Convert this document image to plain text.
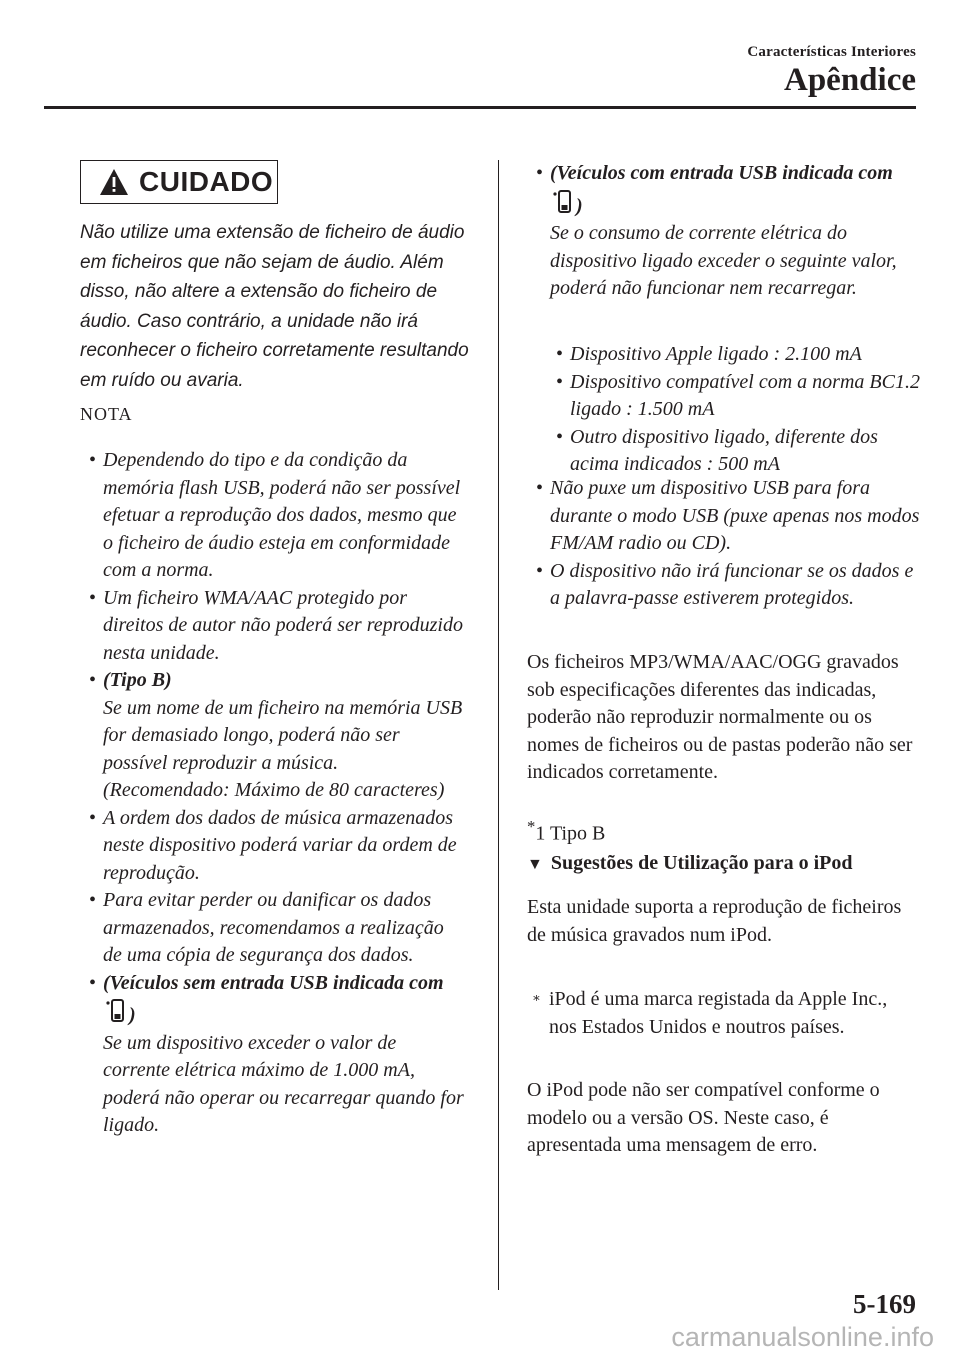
Características Interiores
Apêndice
CUIDADO
Não utilize uma extensão de ficheiro de áudio em ficheiros que não sejam de áudio. Além disso, não altere a extensão do ficheiro de áudio. Caso contrário, a unidade não irá reconhecer o ficheiro corretamente resultando em ruído ou avaria.
NOTA
• Dependendo do tipo e da condição da memória flash USB, poderá não ser possível efetuar a reprodução dos dados, mesmo que o ficheiro de áudio esteja em conformidade com a norma.
• Um ficheiro WMA/AAC protegido por direitos de autor não poderá ser reproduzido nesta unidade.
• (Tipo B)
Se um nome de um ficheiro na memória USB for demasiado longo, poderá não ser possível reproduzir a música. (Recomendado: Máximo de 80 caracteres)
• A ordem dos dados de música armazenados neste dispositivo poderá variar da ordem de reprodução.
• Para evitar perder ou danificar os dados armazenados, recomendamos a realização de uma cópia de segurança dos dados.
• (Veículos sem entrada USB indicada com )
Se um dispositivo exceder o valor de corrente elétrica máximo de 1.000 mA, poderá não operar ou recarregar quando for ligado.
• (Veículos com entrada USB indicada com )
Se o consumo de corrente elétrica do dispositivo ligado exceder o seguinte valor, poderá não funcionar nem recarregar.
• Dispositivo Apple ligado : 2.100 mA
• Dispositivo compatível com a norma BC1.2 ligado : 1.500 mA
• Outro dispositivo ligado, diferente dos acima indicados : 500 mA
• Não puxe um dispositivo USB para fora durante o modo USB (puxe apenas nos modos FM/AM radio ou CD).
• O dispositivo não irá funcionar se os dados e a palavra-passe estiverem protegidos.
Os ficheiros MP3/WMA/AAC/OGG gravados sob especificações diferentes das indicadas, poderão não reproduzir normalmente ou os nomes de ficheiros ou de pastas poderão não ser indicados corretamente.
*1 Tipo B
▼ Sugestões de Utilização para o iPod
Esta unidade suporta a reprodução de ficheiros de música gravados num iPod.
∗ iPod é uma marca registada da Apple Inc., nos Estados Unidos e noutros países.
O iPod pode não ser compatível conforme o modelo ou a versão OS. Neste caso, é apresentada uma mensagem de erro.
5-169
carmanualsonline.info
